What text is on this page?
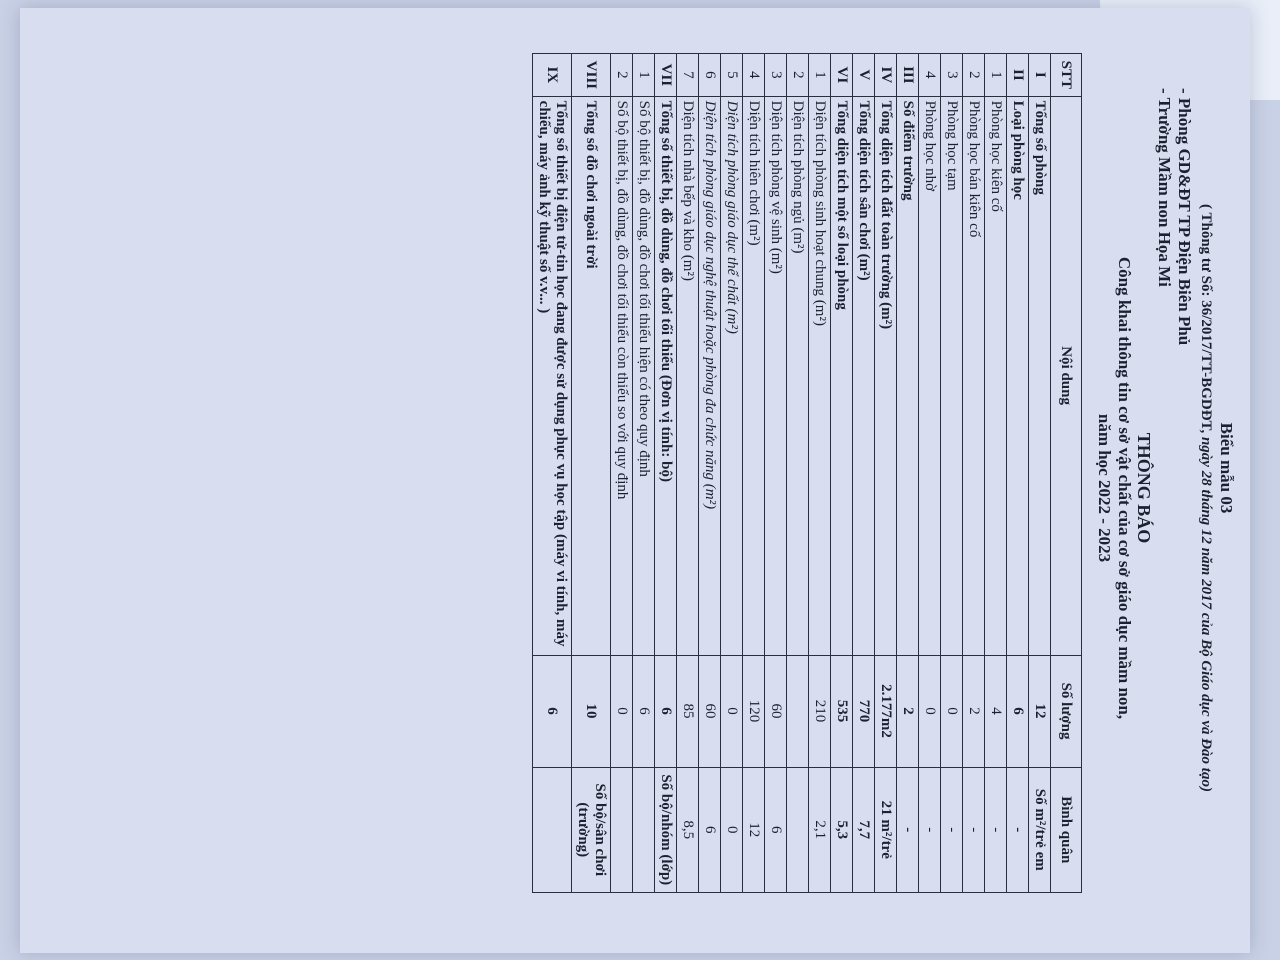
Biểu mẫu 03
( Thông tư Số: 36/2017/TT-BGDĐT, ngày 28 tháng 12 năm 2017 của Bộ Giáo dục và Đào tạo)
- Phòng GD&ĐT TP Điện Biên Phủ
- Trường Mầm non Họa Mi
THÔNG BÁO
Công khai thông tin cơ sở vật chất của cơ sở giáo dục mầm non,
năm học 2022 - 2023
STT	Nội dung	Số lượng	Bình quân
I	Tổng số phòng	12	Số m²/trẻ em
II	Loại phòng học	6	-
1	Phòng học kiên cố	4	-
2	Phòng học bán kiên cố	2	-
3	Phòng học tạm	0	-
4	Phòng học nhờ	0	-
III	Số điểm trường	2	-
IV	Tổng diện tích đất toàn trường (m²)	2.177m2	21 m²/trẻ
V	Tổng diện tích sân chơi (m²)	770	7,7
VI	Tổng diện tích một số loại phòng	535	5,3
1	Diện tích phòng sinh hoạt chung (m²)	210	2,1
2	Diện tích phòng ngủ (m²)		
3	Diện tích phòng vệ sinh (m²)	60	6
4	Diện tích hiên chơi (m²)	120	12
5	Diện tích phòng giáo dục thể chất (m²)	0	0
6	Diện tích phòng giáo dục nghệ thuật hoặc phòng đa chức năng (m²)	60	6
7	Diện tích nhà bếp và kho (m²)	85	8,5
VII	Tổng số thiết bị, đồ dùng, đồ chơi tối thiểu (Đơn vị tính: bộ)	6	Số bộ/nhóm (lớp)
1	Số bộ thiết bị, đồ dùng, đồ chơi tối thiểu hiện có theo quy định	6	
2	Số bộ thiết bị, đồ dùng, đồ chơi tối thiểu còn thiếu so với quy định	0	
VIII	Tổng số đồ chơi ngoài trời	10	Số bộ/sân chơi (trường)
IX	Tổng số thiết bị điện tử-tin học đang được sử dụng phục vụ học tập (máy vi tính, máy chiếu, máy ảnh kỹ thuật số v.v... )	6	
